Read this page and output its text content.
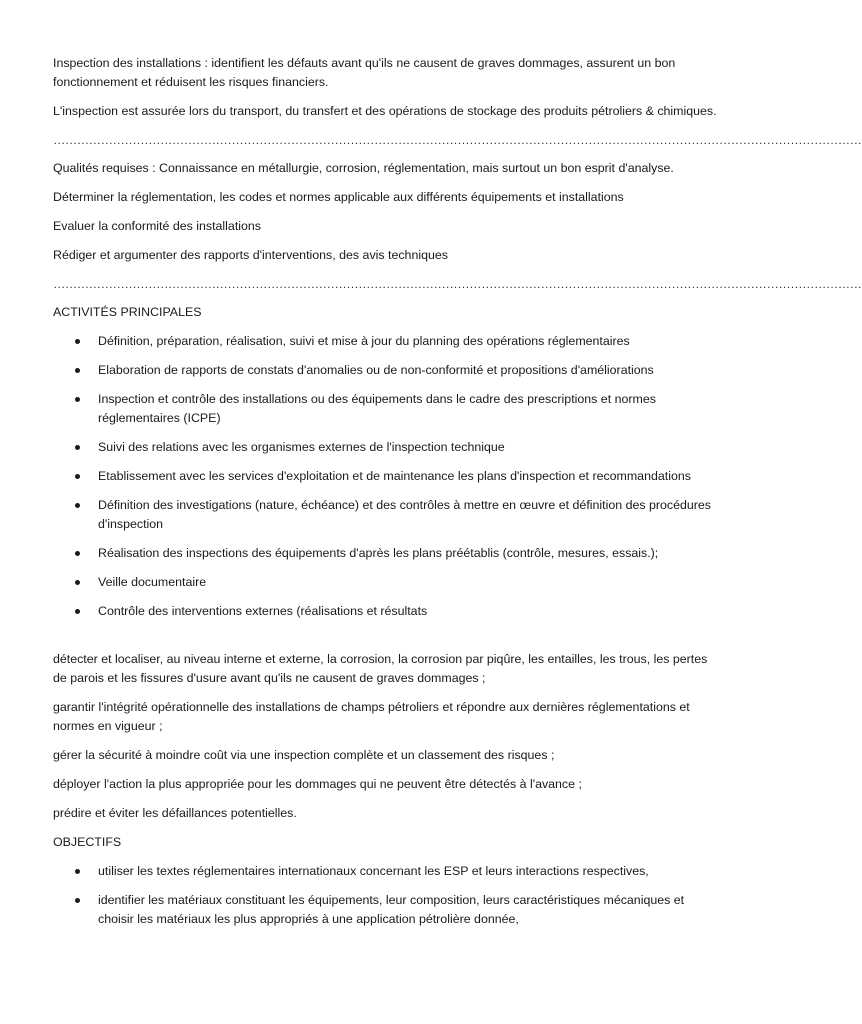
Inspection des installations : identifient les défauts avant qu'ils ne causent de graves dommages, assurent un bon fonctionnement et réduisent les risques financiers.

L'inspection est assurée lors du transport, du transfert et des opérations de stockage des produits pétroliers & chimiques.

……………………………………………………………………………………………………………………………………………………………………………………

Qualités requises : Connaissance en métallurgie, corrosion, réglementation, mais surtout un bon esprit d'analyse.

Déterminer la réglementation, les codes et normes applicable aux différents équipements et installations

Evaluer la conformité des installations

Rédiger et argumenter des rapports d'interventions, des avis techniques

……………………………………………………………………………………………………………………………………………………………………………………

ACTIVITÉS PRINCIPALES

Définition, préparation, réalisation, suivi et mise à jour du planning des opérations réglementaires
Elaboration de rapports de constats d'anomalies ou de non-conformité et propositions d'améliorations
Inspection et contrôle des installations ou des équipements dans le cadre des prescriptions et normes réglementaires (ICPE)
Suivi des relations avec les organismes externes de l'inspection technique
Etablissement avec les services d'exploitation et de maintenance les plans d'inspection et recommandations
Définition des investigations (nature, échéance) et des contrôles à mettre en œuvre et définition des procédures d'inspection
Réalisation des inspections des équipements d'après les plans préétablis (contrôle, mesures, essais.);
Veille documentaire
Contrôle des interventions externes (réalisations et résultats

détecter et localiser, au niveau interne et externe, la corrosion, la corrosion par piqûre, les entailles, les trous, les pertes de parois et les fissures d'usure avant qu'ils ne causent de graves dommages ;

garantir l'intégrité opérationnelle des installations de champs pétroliers et répondre aux dernières réglementations et normes en vigueur ;

gérer la sécurité à moindre coût via une inspection complète et un classement des risques ;

déployer l'action la plus appropriée pour les dommages qui ne peuvent être détectés à l'avance ;

prédire et éviter les défaillances potentielles.

OBJECTIFS

utiliser les textes réglementaires internationaux concernant les ESP et leurs interactions respectives,
identifier les matériaux constituant les équipements, leur composition, leurs caractéristiques mécaniques et choisir les matériaux les plus appropriés à une application pétrolière donnée,
